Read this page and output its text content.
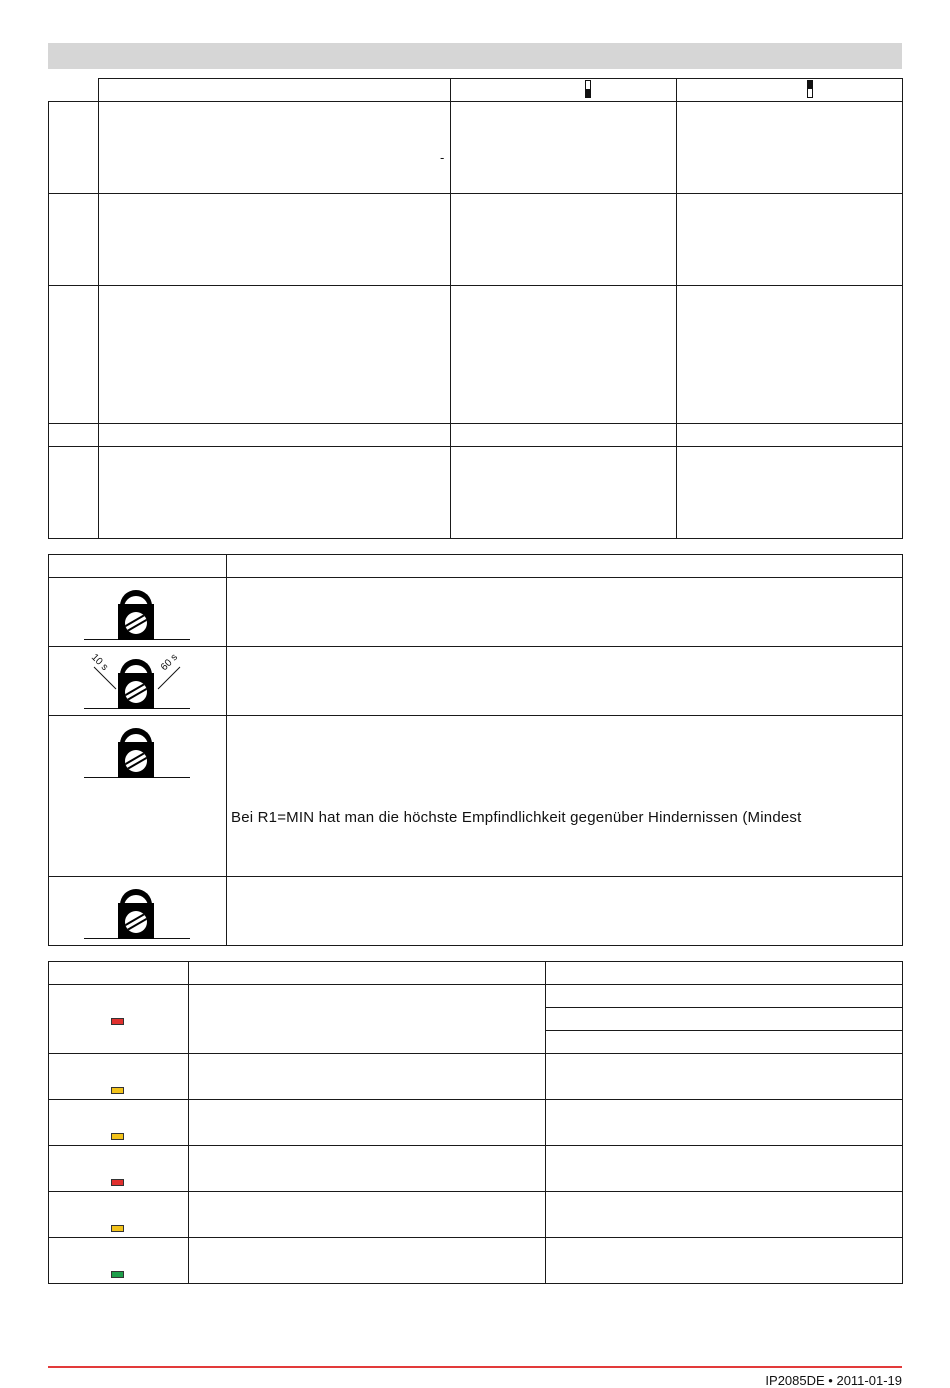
-
10 s	60 s
Bei R1=MIN hat man die höchste Empfindlichkeit gegenüber Hindernissen (Mindest
IP2085DE • 2011-01-19
